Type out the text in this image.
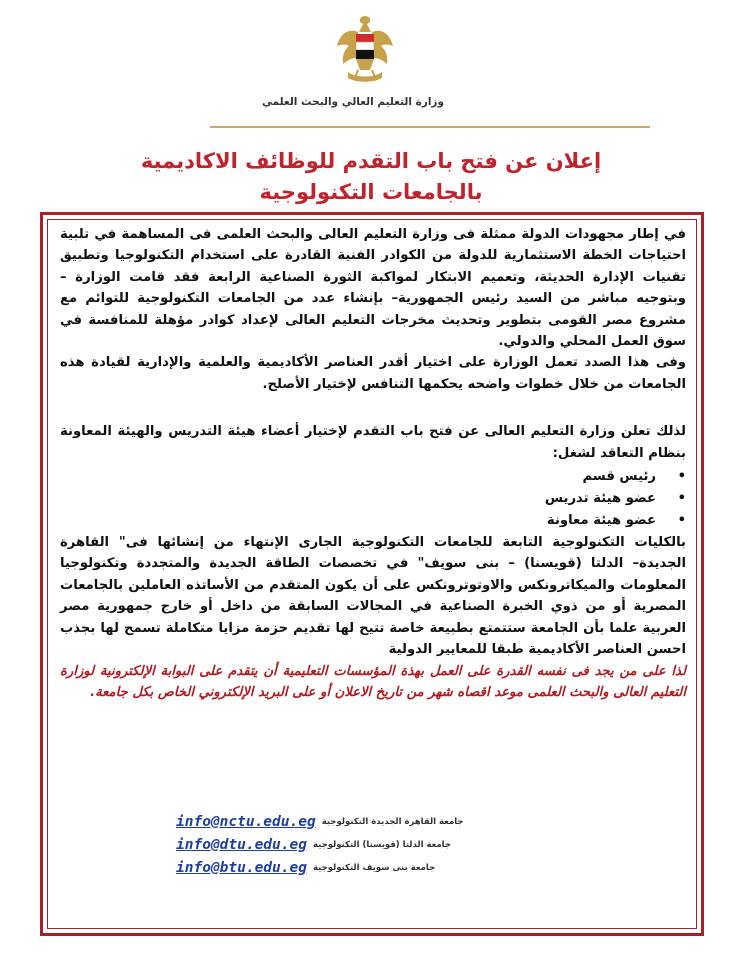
وزارة التعليم العالي والبحث العلمي
إعلان عن فتح باب التقدم للوظائف الاكاديمية
بالجامعات التكنولوجية

في إطار مجهودات الدولة ممثلة فى وزارة التعليم العالى والبحث العلمى فى المساهمة في تلبية احتياجات الخطة الاستثمارية للدولة من الكوادر الفنية القادرة على استخدام التكنولوجيا وتطبيق تقنيات الإدارة الحديثة، وتعميم الابتكار لمواكبة الثورة الصناعية الرابعة فقد قامت الوزارة – وبتوجيه مباشر من السيد رئيس الجمهورية– بإنشاء عدد من الجامعات التكنولوجية للتوائم مع مشروع مصر القومى بتطوير وتحديث مخرجات التعليم العالى لإعداد كوادر مؤهلة للمنافسة في سوق العمل المحلي والدولي.

وفى هذا الصدد تعمل الوزارة على اختيار أقدر العناصر الأكاديمية والعلمية والإدارية لقيادة هذه الجامعات من خلال خطوات واضحه يحكمها التنافس لإختيار الأصلح.

لذلك تعلن وزارة التعليم العالى عن فتح باب التقدم لإختيار أعضاء هيئة التدريس والهيئة المعاونة بنظام التعاقد لشغل:

•
رئيس قسم
•
عضو هيئة تدريس
•
عضو هيئة معاونة

بالكليات التكنولوجية التابعة للجامعات التكنولوجية الجارى الإنتهاء من إنشائها فى" القاهرة الجديدة– الدلتا (قويسنا) – بنى سويف" في تخصصات الطاقة الجديدة والمتجددة وتكنولوجيا المعلومات والميكاترونكس والاوتوترونكس على أن يكون المتقدم من الأساتذه العاملين بالجامعات المصرية أو من ذوي الخبرة الصناعية في المجالات السابقة من داخل أو خارج جمهورية مصر العربية علما بأن الجامعة ستتمتع بطبيعة خاصة تتيح لها تقديم حزمة مزايا متكاملة تسمح لها بجذب احسن العناصر الأكاديمية طبقا للمعايير الدولية

لذا على من يجد فى نفسه القدرة على العمل بهذة المؤسسات التعليمية أن يتقدم على البوابة الإلكترونية لوزارة التعليم العالى والبحث العلمى موعد اقصاه شهر من تاريخ الاعلان أو على البريد الإلكتروني الخاص بكل جامعة.

info@nctu.edu.eg جامعة القاهرة الجديدة التكنولوجية
info@dtu.edu.eg جامعة الدلتا (قويسنا) التكنولوجية
info@btu.edu.eg جامعة بنى سويف التكنولوجية
